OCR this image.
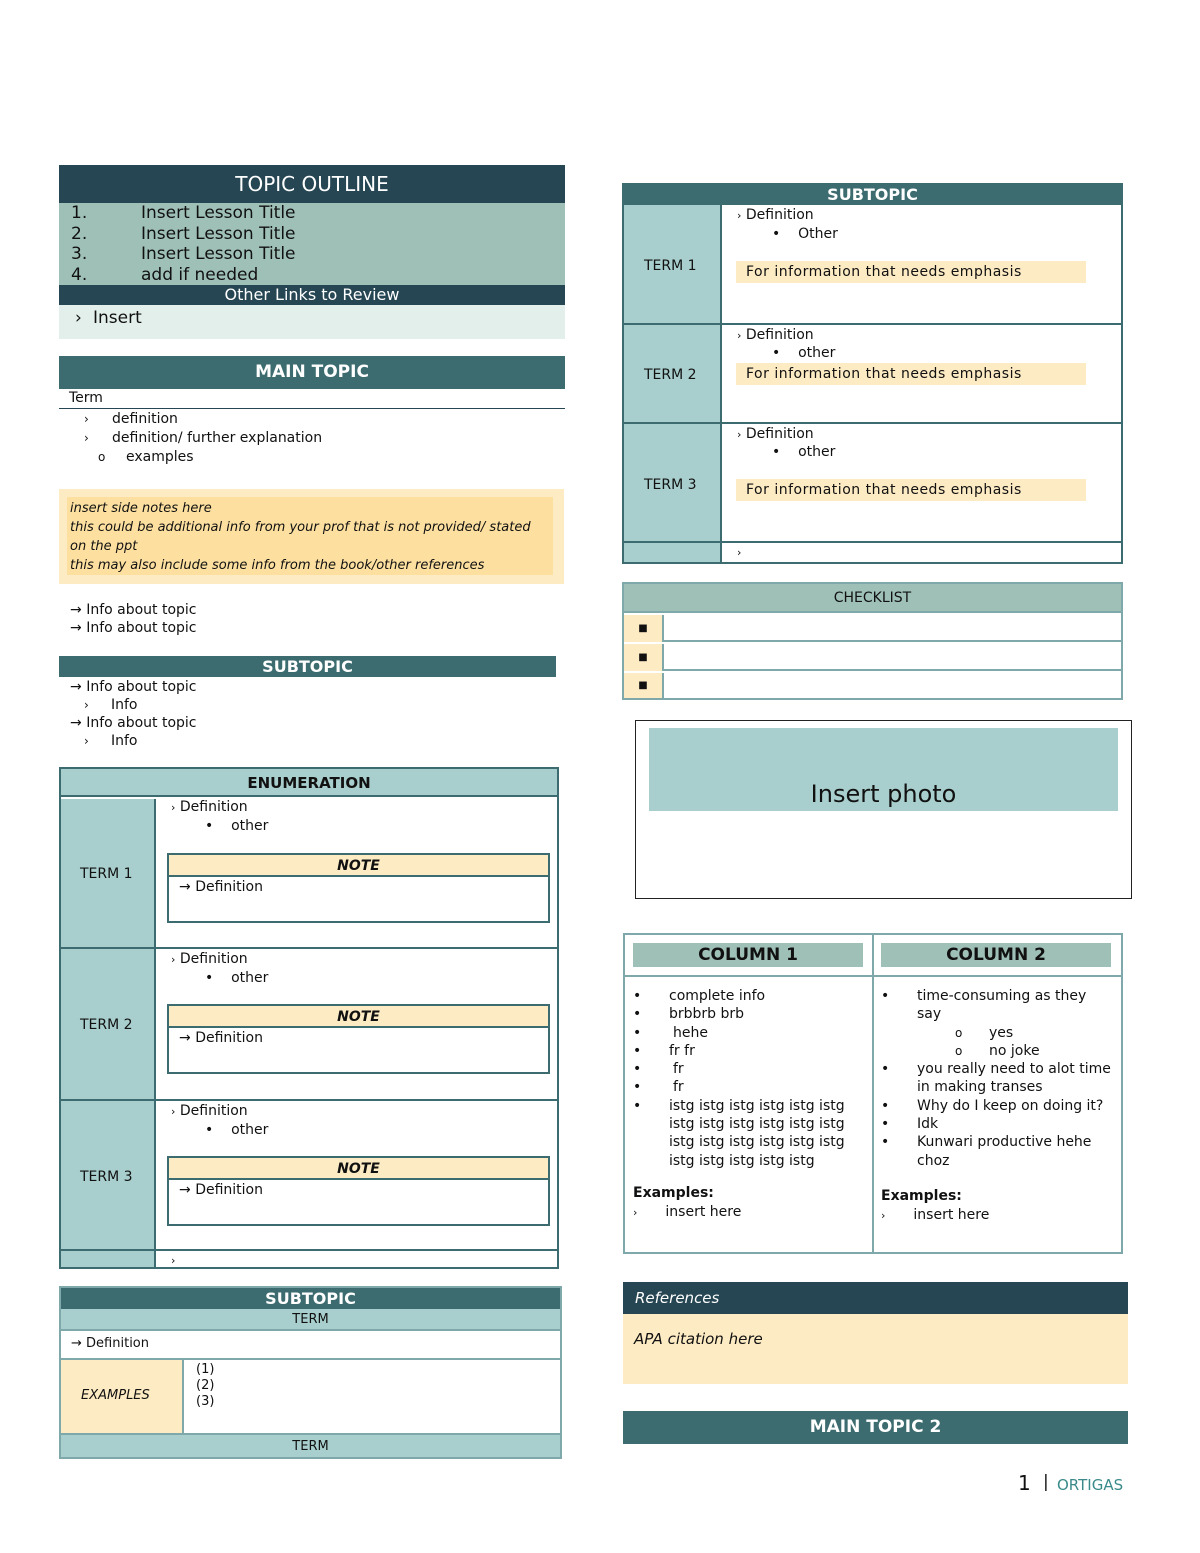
TOPIC OUTLINE
1.	Insert Lesson Title
2.	Insert Lesson Title
3.	Insert Lesson Title
4.	add if needed
Other Links to Review
› Insert
MAIN TOPIC
Term
› definition
› definition/ further explanation
o examples
insert side notes here
this could be additional info from your prof that is not provided/ stated on the ppt
this may also include some info from the book/other references
→ Info about topic
→ Info about topic
SUBTOPIC
→ Info about topic
› Info
→ Info about topic
› Info
ENUMERATION
TERM 1
› Definition
• other
NOTE
→ Definition
TERM 2
› Definition
• other
NOTE
→ Definition
TERM 3
› Definition
• other
NOTE
→ Definition
›
SUBTOPIC
TERM
→ Definition
EXAMPLES
(1)
(2)
(3)
TERM
SUBTOPIC
TERM 1
› Definition
• Other
For information that needs emphasis
TERM 2
› Definition
• other
For information that needs emphasis
TERM 3
› Definition
• other
For information that needs emphasis
›
CHECKLIST
■
■
■
Insert photo
COLUMN 1	COLUMN 2
• complete info
• brbbrb brb
• hehe
• fr fr
• fr
• fr
• istg istg istg istg istg istg istg istg istg istg istg istg istg istg istg istg istg istg istg istg istg istg istg
Examples:
› insert here
• time-consuming as they say
o yes
o no joke
• you really need to alot time in making transes
• Why do I keep on doing it?
• Idk
• Kunwari productive hehe choz
Examples:
› insert here
References
APA citation here
MAIN TOPIC 2
1 | ORTIGAS
